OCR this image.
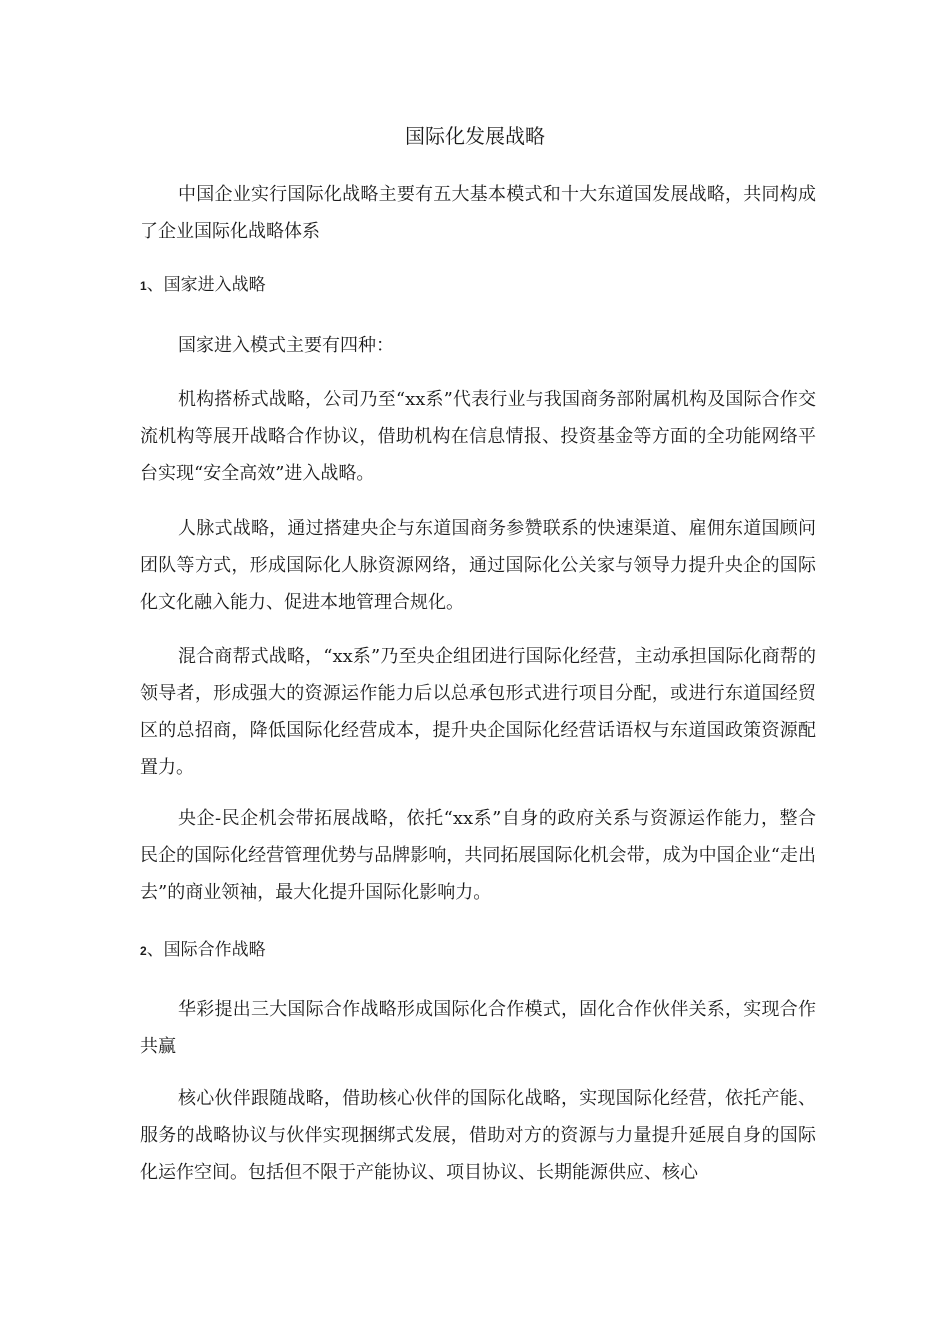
国际化发展战略

中国企业实行国际化战略主要有五大基本模式和十大东道国发展战略，共同构成了企业国际化战略体系

1、国家进入战略

国家进入模式主要有四种：

机构搭桥式战略，公司乃至“xx系”代表行业与我国商务部附属机构及国际合作交流机构等展开战略合作协议，借助机构在信息情报、投资基金等方面的全功能网络平台实现“安全高效”进入战略。

人脉式战略，通过搭建央企与东道国商务参赞联系的快速渠道、雇佣东道国顾问团队等方式，形成国际化人脉资源网络，通过国际化公关家与领导力提升央企的国际化文化融入能力、促进本地管理合规化。

混合商帮式战略，“xx系”乃至央企组团进行国际化经营，主动承担国际化商帮的领导者，形成强大的资源运作能力后以总承包形式进行项目分配，或进行东道国经贸区的总招商，降低国际化经营成本，提升央企国际化经营话语权与东道国政策资源配置力。

央企-民企机会带拓展战略，依托“xx系”自身的政府关系与资源运作能力，整合民企的国际化经营管理优势与品牌影响，共同拓展国际化机会带，成为中国企业“走出去”的商业领袖，最大化提升国际化影响力。

2、国际合作战略

华彩提出三大国际合作战略形成国际化合作模式，固化合作伙伴关系，实现合作共赢

核心伙伴跟随战略，借助核心伙伴的国际化战略，实现国际化经营，依托产能、服务的战略协议与伙伴实现捆绑式发展，借助对方的资源与力量提升延展自身的国际化运作空间。包括但不限于产能协议、项目协议、长期能源供应、核心
